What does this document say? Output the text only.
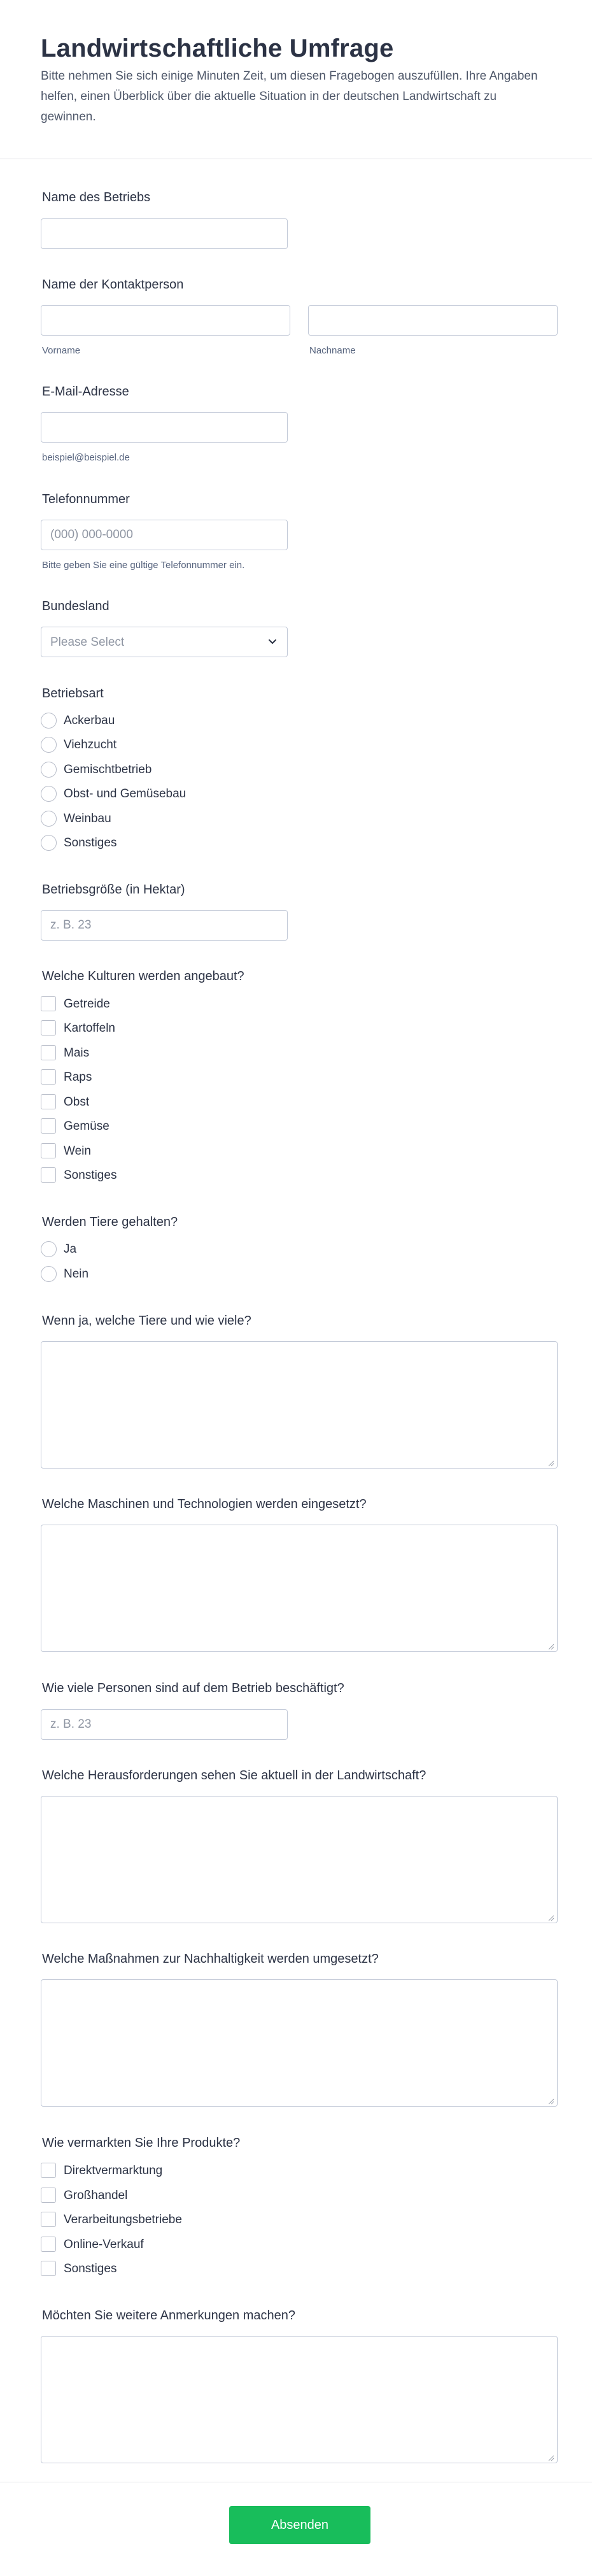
Landwirtschaftliche Umfrage

Bitte nehmen Sie sich einige Minuten Zeit, um diesen Fragebogen auszufüllen. Ihre Angaben helfen, einen Überblick über die aktuelle Situation in der deutschen Landwirtschaft zu gewinnen.

Name des Betriebs
Name der Kontaktperson
Vorname	Nachname
E-Mail-Adresse
beispiel@beispiel.de
Telefonnummer
(000) 000-0000
Bitte geben Sie eine gültige Telefonnummer ein.
Bundesland
Please Select
Betriebsart
Ackerbau
Viehzucht
Gemischtbetrieb
Obst- und Gemüsebau
Weinbau
Sonstiges
Betriebsgröße (in Hektar)
z. B. 23
Welche Kulturen werden angebaut?
Getreide
Kartoffeln
Mais
Raps
Obst
Gemüse
Wein
Sonstiges
Werden Tiere gehalten?
Ja
Nein
Wenn ja, welche Tiere und wie viele?
Welche Maschinen und Technologien werden eingesetzt?
Wie viele Personen sind auf dem Betrieb beschäftigt?
z. B. 23
Welche Herausforderungen sehen Sie aktuell in der Landwirtschaft?
Welche Maßnahmen zur Nachhaltigkeit werden umgesetzt?
Wie vermarkten Sie Ihre Produkte?
Direktvermarktung
Großhandel
Verarbeitungsbetriebe
Online-Verkauf
Sonstiges
Möchten Sie weitere Anmerkungen machen?
Absenden
